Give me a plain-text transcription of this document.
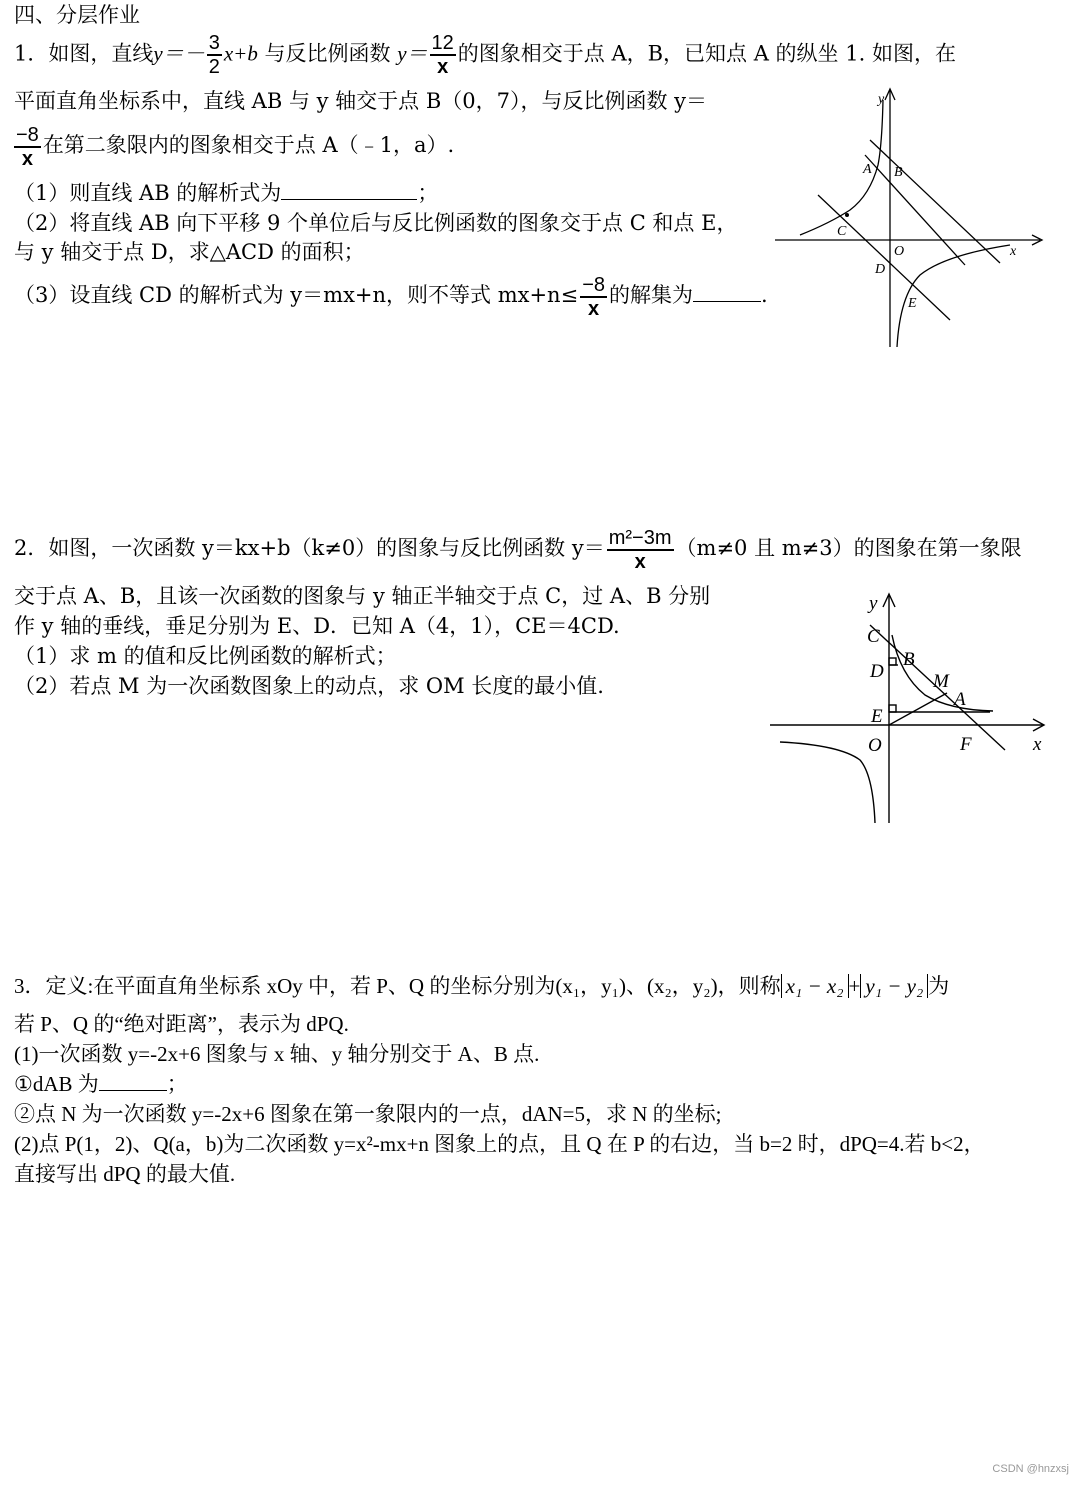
四、分层作业
1．如图，直线$y=- \frac{3}{2} x+b$ 与反比例函数 $y= \frac{12}{x}$ 的图象相交于点 A，B，已知点 A 的纵坐 1. 如图，在
平面直角坐标系中，直线 AB 与 y 轴交于点 B（0，7），与反比例函数 y＝
$\frac{-8}{x}$ 在第二象限内的图象相交于点 A（﹣1，a）.
（1）则直线 AB 的解析式为	；
（2）将直线 AB 向下平移 9 个单位后与反比例函数的图象交于点 C 和点 E，
与 y 轴交于点 D，求△ACD 的面积；
（3）设直线 CD 的解析式为 y＝mx+n，则不等式 $mx+n\le \frac{-8}{x}$ 的解集为	.
y
x
A B
C
O
D
E
2．如图，一次函数 y＝kx+b（k≠0）的图象与反比例函数 $y= \frac{\text{m²−3m}}{x} (m\ne 0$ 且 m≠3）的图象在第一象限
交于点 A、B，且该一次函数的图象与 y 轴正半轴交于点 C，过 A、B 分别
作 y 轴的垂线，垂足分别为 E、D．已知 A（4，1），CE＝4CD.
（1）求 m 的值和反比例函数的解析式；
（2）若点 M 为一次函数图象上的动点，求 OM 长度的最小值.
y
x
C
D
B
M
A
E
O	F
3．定义:在平面直角坐标系 xOy 中，若 P、Q 的坐标分别为(x₁，y₁)、(x₂，y₂)，则称 x₁ − x₂ + y₁ − y₂ 为
若 P、Q 的“绝对距离”，表示为 dPQ.
(1)一次函数 y=-2x+6 图象与 x 轴、y 轴分别交于 A、B 点.
①dAB 为	；
②点 N 为一次函数 y=-2x+6 图象在第一象限内的一点，dAN=5，求 N 的坐标;
(2)点 P(1，2)、Q(a，b)为二次函数 y=x²-mx+n 图象上的点，且 Q 在 P 的右边，当 b=2 时，dPQ=4.若 b<2，
直接写出 dPQ 的最大值.
CSDN @hnzxsj
